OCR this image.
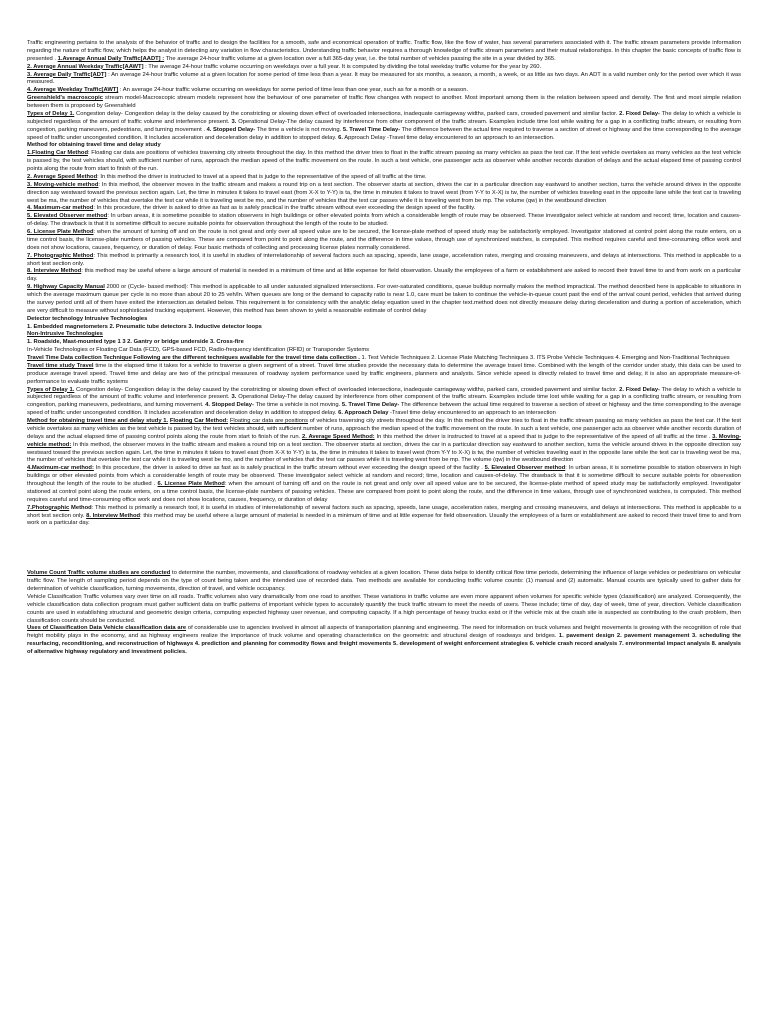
Traffic engineering pertains to the analysis of the behavior of traffic and to design the facilities for a smooth, safe and economical operation of traffic. Traffic flow, like the flow of water, has several parameters associated with it. The traffic stream parameters provide information regarding the nature of traffic flow, which helps the analyst in detecting any variation in flow characteristics. Understanding traffic behavior requires a thorough knowledge of traffic stream parameters and their mutual relationships. In this chapter the basic concepts of traffic flow is presented . 1.Average Annual Daily Traffic[AADT] : The average 24-hour traffic volume at a given location over a full 365-day year, i.e. the total number of vehicles passing the site in a year divided by 365.

2. Average Annual Weekday Traffic[AAWT] : The average 24-hour traffic volume occurring on weekdays over a full year. It is computed by dividing the total weekday traffic volume for the year by 260.

3. Average Daily Traffic[ADT] : An average 24-hour traffic volume at a given location for some period of time less than a year. It may be measured for six months, a season, a month, a week, or as little as two days. An ADT is a valid number only for the period over which it was measured.

4. Average Weekday Traffic[AWT] : An average 24-hour traffic volume occurring on weekdays for some period of time less than one year, such as for a month or a season.

Greenshield's macroscopic stream model-Macroscopic stream models represent how the behaviour of one parameter of traffic flow changes with respect to another. Most important among them is the relation between speed and density. The first and most simple relation between them is proposed by Greenshield

Types of Delay 1. Congestion delay- Congestion delay is the delay caused by the constricting or slowing down effect of overloaded intersections, inadequate carriageway widths, parked cars, crowded pavement and similar factor. 2. Fixed Delay- The delay to which a vehicle is subjected regardless of the amount of traffic volume and interference present. 3. Operational Delay-The delay caused by interference from other component of the traffic stream. Examples include time lost while waiting for a gap in a conflicting traffic stream, or resulting from congestion, parking maneuvers, pedestrians, and turning movement . 4. Stopped Delay- The time a vehicle is not moving. 5. Travel Time Delay- The difference between the actual time required to traverse a section of street or highway and the time corresponding to the average speed of traffic under uncongested condition. It includes acceleration and deceleration delay in addition to stopped delay. 6. Approach Delay -Travel time delay encountered to an approach to an intersection.

Method for obtaining travel time and delay study

1.Floating Car Method: Floating car data are positions of vehicles traversing city streets throughout the day. In this method the driver tries to float in the traffic stream passing as many vehicles as pass the test car. If the test vehicle overtakes as many vehicles as the test vehicle is passed by, the test vehicles should, with sufficient number of runs, approach the median speed of the traffic movement on the route. In such a test vehicle, one passenger acts as observer while another records duration of delays and the actual elapsed time of passing control points along the route from start to finish of the run.

2. Average Speed Method: In this method the driver is instructed to travel at a speed that is judge to the representative of the speed of all traffic at the time.

3. Moving-vehicle method: In this method, the observer moves in the traffic stream and makes a round trip on a test section. The observer starts at section, drives the car in a particular direction say eastward to another section, turns the vehicle around drives in the opposite direction say westward toward the previous section again. Let, the time in minutes it takes to travel east (from X-X to Y-Y) is ta, the time in minutes it takes to travel west (from Y-Y to X-X) is tw, the number of vehicles traveling east in the opposite lane while the test car is traveling west be ma, the number of vehicles that overtake the test car while it is traveling west be mo, and the number of vehicles that the test car passes while it is traveling west from be mp. The volume (qw) in the westbound direction

4. Maximum-car method: In this procedure, the driver is asked to drive as fast as is safely practical in the traffic stream without ever exceeding the design speed of the facility.

5. Elevated Observer method: In urban areas, it is sometime possible to station observers in high buildings or other elevated points from which a considerable length of route may be observed. These investigator select vehicle at random and record; time, location and causes-of-delay. The drawback is that it is sometime difficult to secure suitable points for observation throughout the length of the route to be studied.

6. License Plate Method: when the amount of turning off and on the route is not great and only over all speed value are to be secured, the license-plate method of speed study may be satisfactorily employed. Investigator stationed at control point along the route enters, on a time control basis, the license-plate numbers of passing vehicles. These are compared from point to point along the route, and the difference in time values, through use of synchronized watches, is computed. This method requires careful and time-consuming office work and does not show locations, causes, frequency, or duration of delay. Four basic methods of collecting and processing license plates normally considered.

7. Photographic Method: This method is primarily a research tool, it is useful in studies of interrelationship of several factors such as spacing, speeds, lane usage, acceleration rates, merging and crossing maneuvers, and delays at intersections. This method is applicable to a short test section only.

8. Interview Method: this method may be useful where a large amount of material is needed in a minimum of time and at little expense for field observation. Usually the employees of a farm or establishment are asked to record their travel time to and from work on a particular day.

9. Highway Capacity Manual 2000 or (Cycle- based method): This method is applicable to all under saturated signalized intersections. For over-saturated conditions, queue buildup normally makes the method impractical. The method described here is applicable to situations in which the average maximum queue per cycle is no more than about 20 to 25 veh/ln. When queues are long or the demand to capacity ratio is near 1.0, care must be taken to continue the vehicle-in-queue count past the end of the arrival count period, vehicles that arrived during the survey period until all of them have exited the intersection.as detailed below. This requirement is for consistency with the analytic delay equation used in the chapter text.method does not directly measure delay during deceleration and during a portion of acceleration, which are very difficult to measure without sophisticated tracking equipment. However, this method has been shown to yield a reasonable estimate of control delay

Detector technology Intrusive Technologies

1. Embedded magnetometers 2. Pneumatic tube detectors 3. Inductive detector loops

Non-Intrusive Technologies

1. Roadside, Mast-mounted type 1 3 2. Gantry or bridge underside 3. Cross-fire

In-Vehicle Technologies or Floating Car Data (FCD), GPS-based FCD, Radio-frequency identification (RFID) or Transponder Systems

Travel Time Data collection Technique Following are the different techniques available for the travel time data collection . 1. Test Vehicle Techniques 2. License Plate Matching Techniques 3. ITS Probe Vehicle Techniques 4. Emerging and Non-Traditional Techniques

Travel time study Travel time is the elapsed time it takes for a vehicle to traverse a given segment of a street. Travel time studies provide the necessary data to determine the average travel time. Combined with the length of the corridor under study, this data can be used to produce average travel speed. Travel time and delay are two of the principal measures of roadway system performance used by traffic engineers, planners and analysts. Since vehicle speed is directly related to travel time and delay, it is also an appropriate measure-of-performance to evaluate traffic systems

Types of Delay 1. Congestion delay- Congestion delay is the delay caused by the constricting or slowing down effect of overloaded intersections, inadequate carriageway widths, parked cars, crowded pavement and similar factor. 2. Fixed Delay- The delay to which a vehicle is subjected regardless of the amount of traffic volume and interference present. 3. Operational Delay-The delay caused by interference from other component of the traffic stream. Examples include time lost while waiting for a gap in a conflicting traffic stream, or resulting from congestion, parking maneuvers, pedestrians, and turning movement. 4. Stopped Delay- The time a vehicle is not moving. 5. Travel Time Delay- The difference between the actual time required to traverse a section of street or highway and the time corresponding to the average speed of traffic under uncongested condition. It includes acceleration and deceleration delay in addition to stopped delay. 6. Approach Delay -Travel time delay encountered to an approach to an intersection

Method for obtaining travel time and delay study 1. Floating Car Method: Floating car data are positions of vehicles traversing city streets throughout the day. In this method the driver tries to float in the traffic stream passing as many vehicles as pass the test car. If the test vehicle overtakes as many vehicles as the test vehicle is passed by, the test vehicles should, with sufficient number of runs, approach the median speed of the traffic movement on the route. In such a test vehicle, one passenger acts as observer while another records duration of delays and the actual elapsed time of passing control points along the route from start to finish of the run. 2. Average Speed Method: In this method the driver is instructed to travel at a speed that is judge to the representative of the speed of all traffic at the time . 3. Moving-vehicle method: In this method, the observer moves in the traffic stream and makes a round trip on a test section. The observer starts at section, drives the car in a particular direction say eastward to another section, turns the vehicle around drives in the opposite direction say westward toward the previous section again. Let, the time in minutes it takes to travel east (from X-X to Y-Y) is ta, the time in minutes it takes to travel west (from Y-Y to X-X) is tw, the number of vehicles traveling east in the opposite lane while the test car is traveling west be ma, the number of vehicles that overtake the test car while it is traveling west be mo, and the number of vehicles that the test car passes while it is traveling west from be mp. The volume (qw) in the westbound direction

4.Maximum-car method: In this procedure, the driver is asked to drive as fast as is safely practical in the traffic stream without ever exceeding the design speed of the facility . 5. Elevated Observer method: In urban areas, it is sometime possible to station observers in high buildings or other elevated points from which a considerable length of route may be observed. These investigator select vehicle at random and record; time, location and causes-of-delay. The drawback is that it is sometime difficult to secure suitable points for observation throughout the length of the route to be studied . 6. License Plate Method: when the amount of turning off and on the route is not great and only over all speed value are to be secured, the license-plate method of speed study may be satisfactorily employed. Investigator stationed at control point along the route enters, on a time control basis, the license-plate numbers of passing vehicles. These are compared from point to point along the route, and the difference in time values, through use of synchronized watches, is computed. This method requires careful and time-consuming office work and does not show locations, causes, frequency, or duration of delay

7.Photographic Method: This method is primarily a research tool, it is useful in studies of interrelationship of several factors such as spacing, speeds, lane usage, acceleration rates, merging and crossing maneuvers, and delays at intersections. This method is applicable to a short test section only. 8. Interview Method: this method may be useful where a large amount of material is needed in a minimum of time and at little expense for field observation. Usually the employees of a farm or establishment are asked to record their travel time to and from work on a particular day.

Volume Count Traffic volume studies are conducted to determine the number, movements, and classifications of roadway vehicles at a given location. These data helps to identify critical flow time periods, determining the influence of large vehicles or pedestrians on vehicular traffic flow. The length of sampling period depends on the type of count being taken and the intended use of recorded data. Two methods are available for conducting traffic volume counts: (1) manual and (2) automatic. Manual counts are typically used to gather data for determination of vehicle classification, turning movements, direction of travel, and vehicle occupancy.

Vehicle Classification Traffic volumes vary over time on all roads. Traffic volumes also vary dramatically from one road to another. These variations in traffic volume are even more apparent when volumes for specific vehicle types (classification) are analyzed. Consequently, the vehicle classification data collection program must gather sufficient data on traffic patterns of important vehicle types to accurately quantify the truck traffic stream to meet the needs of users. These include; time of day, day of week, time of year, direction. Vehicle classification counts are used in establishing structural and geometric design criteria, computing expected highway user revenue, and computing capacity. If a high percentage of heavy trucks exist or if the vehicle mix at the crash site is suspected as contributing to the crash problem, then classification counts should be conducted.

Uses of Classification Data Vehicle classification data are of considerable use to agencies involved in almost all aspects of transportation planning and engineering. The need for information on truck volumes and freight movements is growing with the recognition of role that freight mobility plays in the economy, and as highway engineers realize the importance of truck volume and operating characteristics on the geometric and structural design of roadways and bridges. 1. pavement design 2. pavement management 3. scheduling the resurfacing, reconditioning, and reconstruction of highways 4. prediction and planning for commodity flows and freight movements 5. development of weight enforcement strategies 6. vehicle crash record analysis 7. environmental impact analysis 8. analysis of alternative highway regulatory and investment policies.
